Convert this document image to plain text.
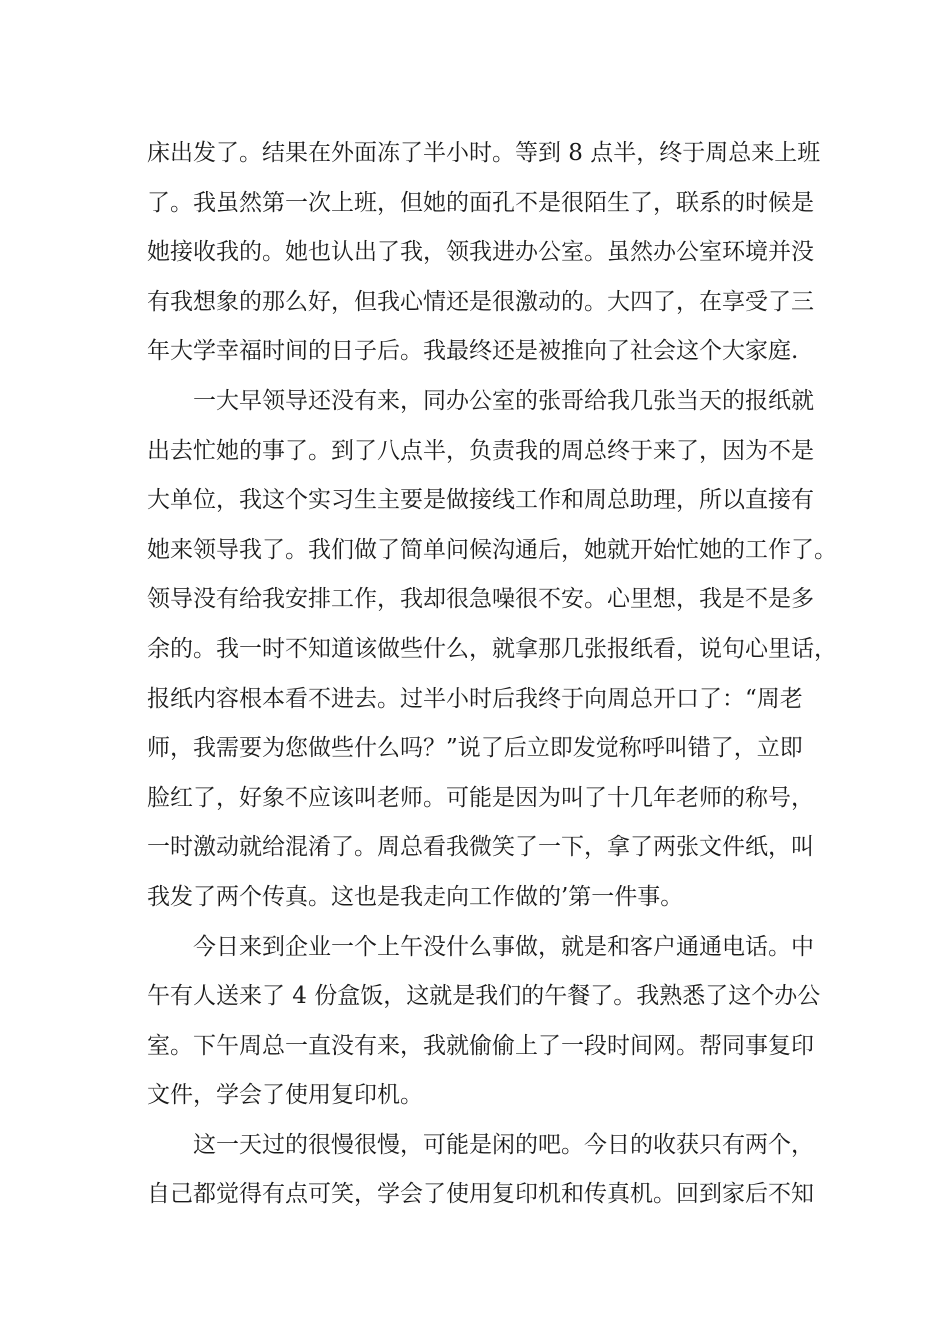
床出发了。结果在外面冻了半小时。等到 8 点半，终于周总来上班
了。我虽然第一次上班，但她的面孔不是很陌生了，联系的时候是
她接收我的。她也认出了我，领我进办公室。虽然办公室环境并没
有我想象的那么好，但我心情还是很激动的。大四了，在享受了三
年大学幸福时间的日子后。我最终还是被推向了社会这个大家庭.
一大早领导还没有来，同办公室的张哥给我几张当天的报纸就
出去忙她的事了。到了八点半，负责我的周总终于来了，因为不是
大单位，我这个实习生主要是做接线工作和周总助理，所以直接有
她来领导我了。我们做了简单问候沟通后，她就开始忙她的工作了。
领导没有给我安排工作，我却很急噪很不安。心里想，我是不是多
余的。我一时不知道该做些什么，就拿那几张报纸看，说句心里话，
报纸内容根本看不进去。过半小时后我终于向周总开口了：“周老
师，我需要为您做些什么吗？”说了后立即发觉称呼叫错了，立即
脸红了，好象不应该叫老师。可能是因为叫了十几年老师的称号，
一时激动就给混淆了。周总看我微笑了一下，拿了两张文件纸，叫
我发了两个传真。这也是我走向工作做的’第一件事。
今日来到企业一个上午没什么事做，就是和客户通通电话。中
午有人送来了 4 份盒饭，这就是我们的午餐了。我熟悉了这个办公
室。下午周总一直没有来，我就偷偷上了一段时间网。帮同事复印
文件，学会了使用复印机。
这一天过的很慢很慢，可能是闲的吧。今日的收获只有两个，
自己都觉得有点可笑，学会了使用复印机和传真机。回到家后不知
